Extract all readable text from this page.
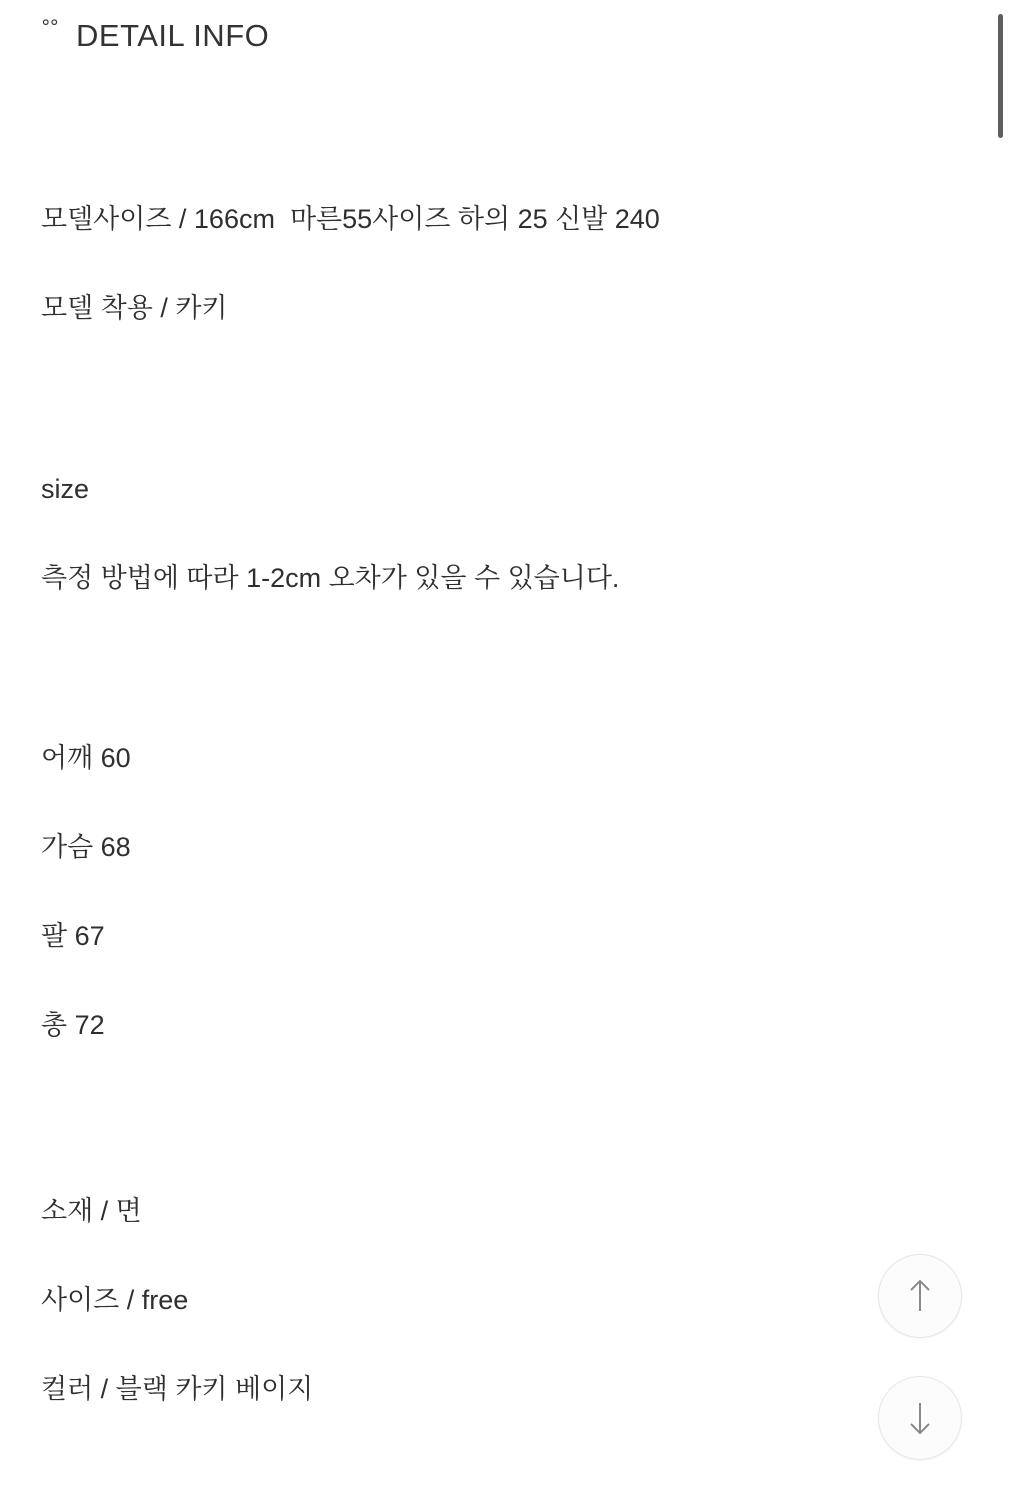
°° DETAIL INFO
모델사이즈 / 166cm  마른55사이즈 하의 25 신발 240
모델 착용 / 카키
size
측정 방법에 따라 1-2cm 오차가 있을 수 있습니다.
어깨 60
가슴 68
팔 67
총 72
소재 / 면
사이즈 / free
컬러 / 블랙 카키 베이지
